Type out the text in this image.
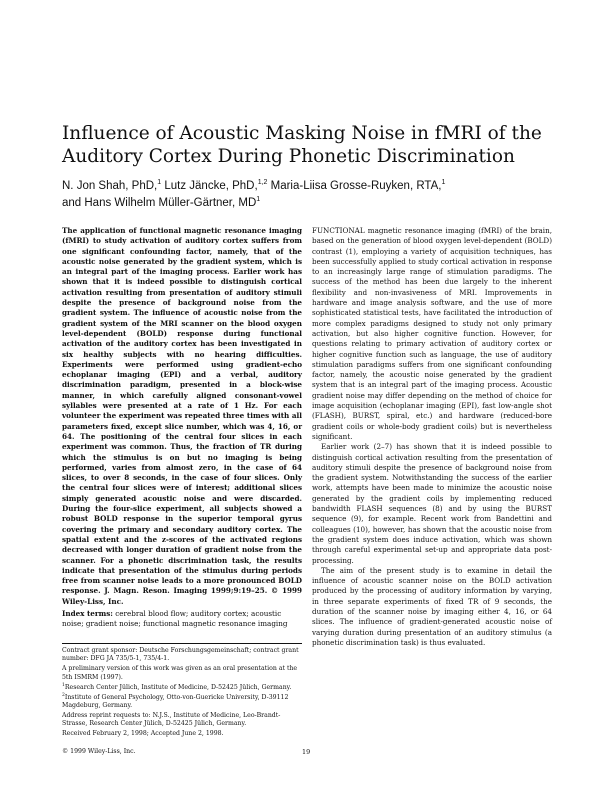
Influence of Acoustic Masking Noise in fMRI of the Auditory Cortex During Phonetic Discrimination
N. Jon Shah, PhD,$^1$ Lutz Jäncke, PhD,$^{1,2}$ Maria-Liisa Grosse-Ruyken, RTA,$^1$
and Hans Wilhelm Müller-Gärtner, $MD^1$

The application of functional magnetic resonance imaging (fMRI) to study activation of auditory cortex suffers from one significant confounding factor, namely, that of the acoustic noise generated by the gradient system, which is an integral part of the imaging process. Earlier work has shown that it is indeed possible to distinguish cortical activation resulting from presentation of auditory stimuli despite the presence of background noise from the gradient system. The influence of acoustic noise from the gradient system of the MRI scanner on the blood oxygen level-dependent (BOLD) response during functional activation of the auditory cortex has been investigated in six healthy subjects with no hearing difficulties. Experiments were performed using gradient-echo echoplanar imaging (EPI) and a verbal, auditory discrimination paradigm, presented in a block-wise manner, in which carefully aligned consonant-vowel syllables were presented at a rate of 1 Hz. For each volunteer the experiment was repeated three times with all parameters fixed, except slice number, which was 4, 16, or 64. The positioning of the central four slices in each experiment was common. Thus, the fraction of TR during which the stimulus is on but no imaging is being performed, varies from almost zero, in the case of 64 slices, to over 8 seconds, in the case of four slices. Only the central four slices were of interest; additional slices simply generated acoustic noise and were discarded. During the four-slice experiment, all subjects showed a robust BOLD response in the superior temporal gyrus covering the primary and secondary auditory cortex. The spatial extent and the z-scores of the activated regions decreased with longer duration of gradient noise from the scanner. For a phonetic discrimination task, the results indicate that presentation of the stimulus during periods free from scanner noise leads to a more pronounced BOLD response. J. Magn. Reson. Imaging 1999;9:19–25. © 1999 Wiley-Liss, Inc.

Index terms: cerebral blood flow; auditory cortex; acoustic noise; gradient noise; functional magnetic resonance imaging

Contract grant sponsor: Deutsche Forschungsgemeinschaft; contract grant number: DFG JA 735/5-1, 735/4-1.

A preliminary version of this work was given as an oral presentation at the 5th ISMRM (1997).

$^1$Research Center Jülich, Institute of Medicine, D-52425 Jülich, Germany.

$^2$Institute of General Psychology, Otto-von-Guericke University, D-39112 Magdeburg, Germany.

Address reprint requests to: N.J.S., Institute of Medicine, Leo-Brandt-Strasse, Research Center Jülich, D-52425 Jülich, Germany.

Received February 2, 1998; Accepted June 2, 1998.

FUNCTIONAL magnetic resonance imaging (fMRI) of the brain, based on the generation of blood oxygen level-dependent (BOLD) contrast (1), employing a variety of acquisition techniques, has been successfully applied to study cortical activation in response to an increasingly large range of stimulation paradigms. The success of the method has been due largely to the inherent flexibility and non-invasiveness of MRI. Improvements in hardware and image analysis software, and the use of more sophisticated statistical tests, have facilitated the introduction of more complex paradigms designed to study not only primary activation, but also higher cognitive function. However, for questions relating to primary activation of auditory cortex or higher cognitive function such as language, the use of auditory stimulation paradigms suffers from one significant confounding factor, namely, the acoustic noise generated by the gradient system that is an integral part of the imaging process. Acoustic gradient noise may differ depending on the method of choice for image acquisition (echoplanar imaging (EPI), fast low-angle shot (FLASH), BURST, spiral, etc.) and hardware (reduced-bore gradient coils or whole-body gradient coils) but is nevertheless significant.

Earlier work (2–7) has shown that it is indeed possible to distinguish cortical activation resulting from the presentation of auditory stimuli despite the presence of background noise from the gradient system. Notwithstanding the success of the earlier work, attempts have been made to minimize the acoustic noise generated by the gradient coils by implementing reduced bandwidth FLASH sequences (8) and by using the BURST sequence (9), for example. Recent work from Bandettini and colleagues (10), however, has shown that the acoustic noise from the gradient system does induce activation, which was shown through careful experimental set-up and appropriate data post-processing.

The aim of the present study is to examine in detail the influence of acoustic scanner noise on the BOLD activation produced by the processing of auditory information by varying, in three separate experiments of fixed TR of 9 seconds, the duration of the scanner noise by imaging either 4, 16, or 64 slices. The influence of gradient-generated acoustic noise of varying duration during presentation of an auditory stimulus (a phonetic discrimination task) is thus evaluated.

© 1999 Wiley-Liss, Inc.	19
